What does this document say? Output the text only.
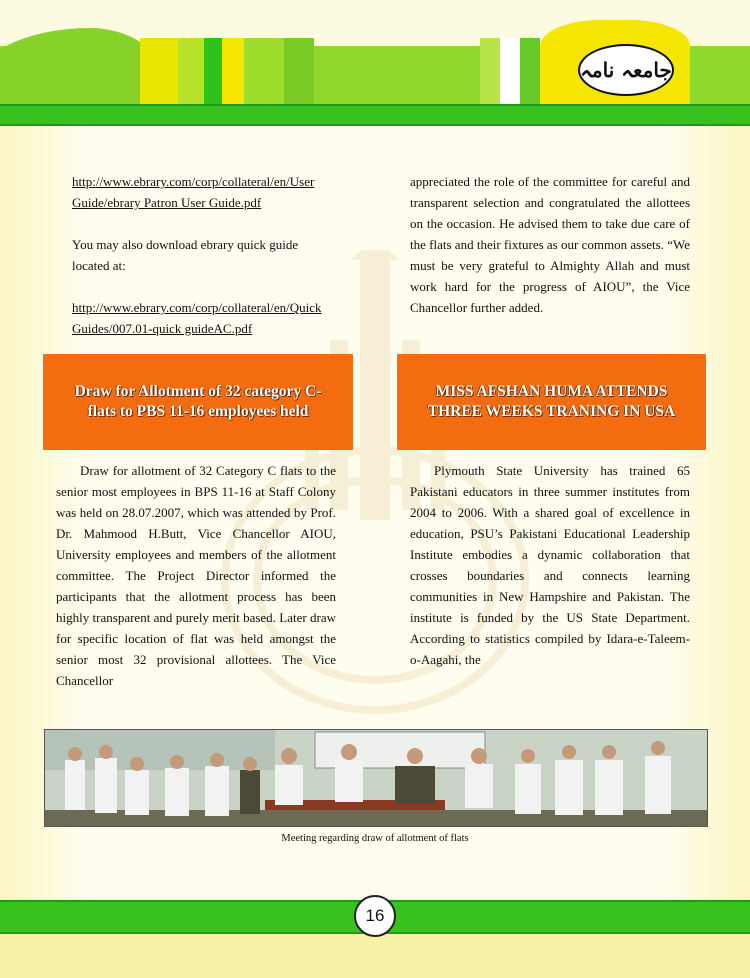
جامعہ نامہ
http://www.ebrary.com/corp/collateral/en/User Guide/ebrary Patron User Guide.pdf

You may also download ebrary quick guide located at:

http://www.ebrary.com/corp/collateral/en/Quick Guides/007.01-quick guideAC.pdf

appreciated the role of the committee for careful and transparent selection and congratulated the allottees on the occasion. He advised them to take due care of the flats and their fixtures as our common assets. “We must be very grateful to Almighty Allah and must work hard for the progress of AIOU”, the Vice Chancellor further added.

Draw for Allotment of 32 category C-flats to PBS 11-16 employees held
MISS AFSHAN HUMA ATTENDS THREE WEEKS TRANING IN USA

Draw for allotment of 32 Category C flats to the senior most employees in BPS 11-16 at Staff Colony was held on 28.07.2007, which was attended by Prof. Dr. Mahmood H.Butt, Vice Chancellor AIOU, University employees and members of the allotment committee. The Project Director informed the participants that the allotment process has been highly transparent and purely merit based. Later draw for specific location of flat was held amongst the senior most 32 provisional allottees. The Vice Chancellor

Plymouth State University has trained 65 Pakistani educators in three summer institutes from 2004 to 2006. With a shared goal of excellence in education, PSU’s Pakistani Educational Leadership Institute embodies a dynamic collaboration that crosses boundaries and connects learning communities in New Hampshire and Pakistan. The institute is funded by the US State Department. According to statistics compiled by Idara-e-Taleem-o-Aagahi, the

Meeting regarding draw of allotment of flats
16
